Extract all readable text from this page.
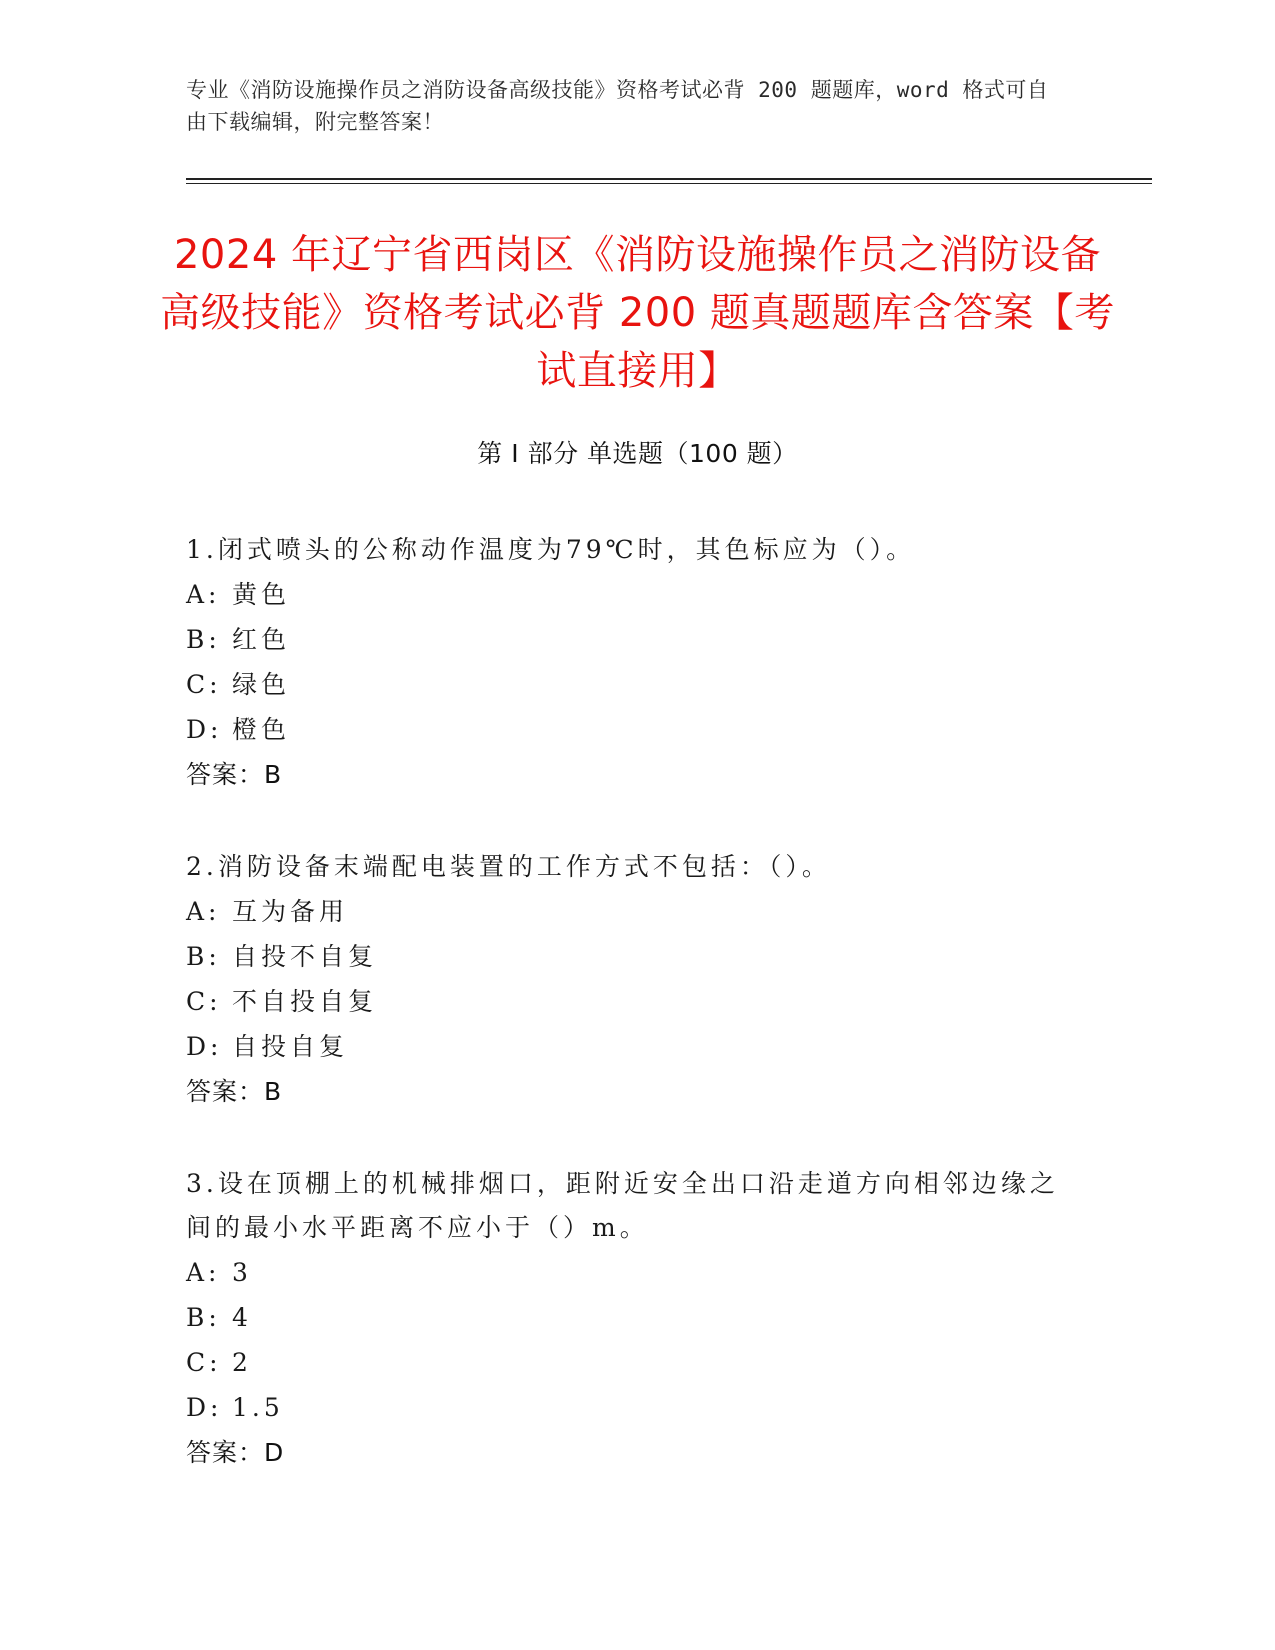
专业《消防设施操作员之消防设备高级技能》资格考试必背 200 题题库，word 格式可自由下载编辑，附完整答案！
2024 年辽宁省西岗区《消防设施操作员之消防设备高级技能》资格考试必背 200 题真题题库含答案【考试直接用】
第 I 部分 单选题（100 题）

1.闭式喷头的公称动作温度为79℃时，其色标应为（）。

A: 黄色
B: 红色
C: 绿色
D: 橙色
答案：B

2.消防设备末端配电装置的工作方式不包括：（）。

A: 互为备用
B: 自投不自复
C: 不自投自复
D: 自投自复
答案：B

3.设在顶棚上的机械排烟口，距附近安全出口沿走道方向相邻边缘之间的最小水平距离不应小于（）m。

A: 3
B: 4
C: 2
D: 1.5
答案：D
